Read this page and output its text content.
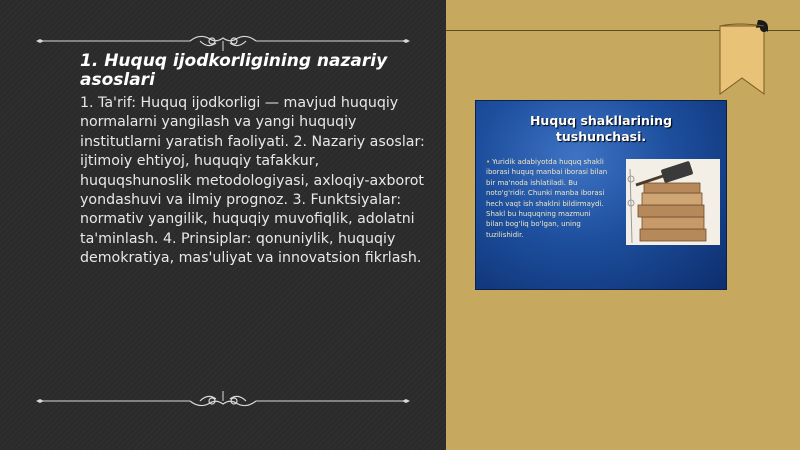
1. Huquq ijodkorligining nazariy asoslari

1. Ta'rif: Huquq ijodkorligi — mavjud huquqiy normalarni yangilash va yangi huquqiy institutlarni yaratish faoliyati. 2. Nazariy asoslar: ijtimoiy ehtiyoj, huquqiy tafakkur, huquqshunoslik metodologiyasi, axloqiy-axborot yondashuvi va ilmiy prognoz. 3. Funktsiyalar: normativ yangilik, huquqiy muvofiqlik, adolatni ta'minlash. 4. Prinsiplar: qonuniylik, huquqiy demokratiya, mas'uliyat va innovatsion fikrlash.

Huquq shakllarining
tushunchasi.
• Yuridik adabiyotda huquq shakli iborasi huquq manbai iborasi bilan bir ma'noda ishlatiladi. Bu noto'g'ridir. Chunki manba iborasi hech vaqt ish shaklni bildirmaydi. Shakl bu huquqning mazmuni bilan bog'liq bo'lgan, uning tuzilishidir.
